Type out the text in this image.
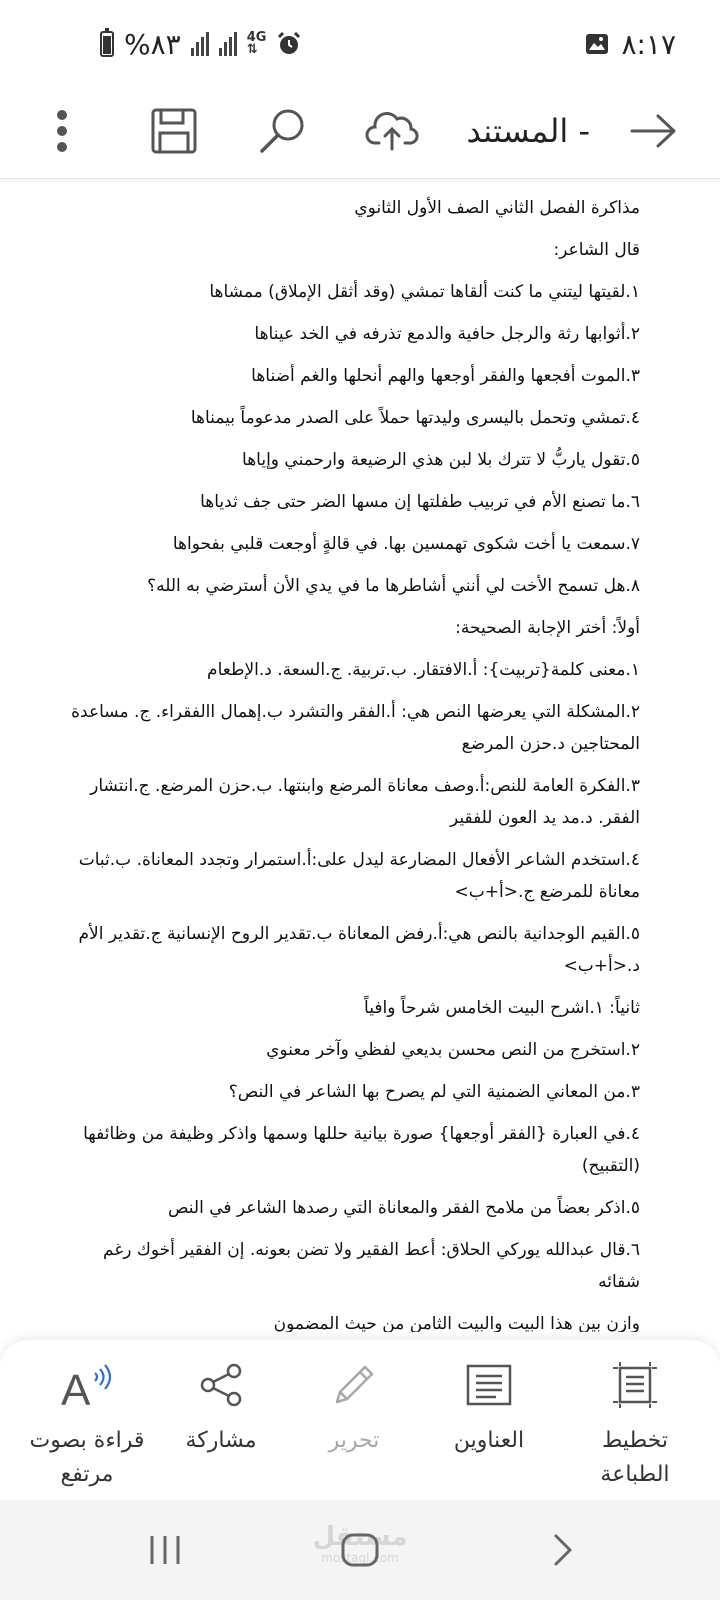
%٨٣	4G
⇅	٨:١٧
المستند -

مذاكرة الفصل الثاني الصف الأول الثانوي

قال الشاعر:

١.لقيتها ليتني ما كنت ألقاها تمشي (وقد أثقل الإملاق) ممشاها

٢.أثوابها رثة والرجل حافية والدمع تذرفه في الخد عيناها

٣.الموت أفجعها والفقر أوجعها والهم أنحلها والغم أضناها

٤.تمشي وتحمل باليسرى وليدتها حملاً على الصدر مدعوماً بيمناها

٥.تقول ياربُّ لا تترك بلا لبن هذي الرضيعة وارحمني وإياها

٦.ما تصنع الأم في تربيب طفلتها إن مسها الضر حتى جف ثدياها

٧.سمعت يا أخت شكوى تهمسين بها. في قالةٍ أوجعت قلبي بفحواها

٨.هل تسمح الأخت لي أنني أشاطرها ما في يدي الأن أسترضي به الله؟

أولاً: أختر الإجابة الصحيحة:

١.معنى كلمة{تربيت}: أ.الافتقار. ب.تربية. ج.السعة. د.الإطعام

٢.المشكلة التي يعرضها النص هي: أ.الفقر والتشرد ب.إهمال االفقراء. ج. مساعدة المحتاجين د.حزن المرضع

٣.الفكرة العامة للنص:أ.وصف معاناة المرضع وابنتها. ب.حزن المرضع. ج.انتشار الفقر. د.مد يد العون للفقير

٤.استخدم الشاعر الأفعال المضارعة ليدل على:أ.استمرار وتجدد المعاناة. ب.ثبات معاناة للمرضع ج.<أ+ب>

٥.القيم الوجدانية بالنص هي:أ.رفض المعاناة ب.تقدير الروح الإنسانية ج.تقدير الأم د.<أ+ب>

ثانياً: ١.اشرح البيت الخامس شرحاً وافياً

٢.استخرج من النص محسن بديعي لفظي وآخر معنوي

٣.من المعاني الضمنية التي لم يصرح بها الشاعر في النص؟

٤.في العبارة {الفقر أوجعها} صورة بيانية حللها وسمها واذكر وظيفة من وظائفها (التقبيح)

٥.اذكر بعضاً من ملامح الفقر والمعاناة التي رصدها الشاعر في النص

٦.قال عبدالله يوركي الحلاق: أعط الفقير ولا تضن بعونه. إن الفقير أخوك رغم شقائه

وازن بين هذا البيت والبيت الثامن من حيث المضمون

تخطيط الطباعة
العناوين
تحرير
مشاركة
A
قراءة بصوت مرتفع
مستقل
mostaql.com
